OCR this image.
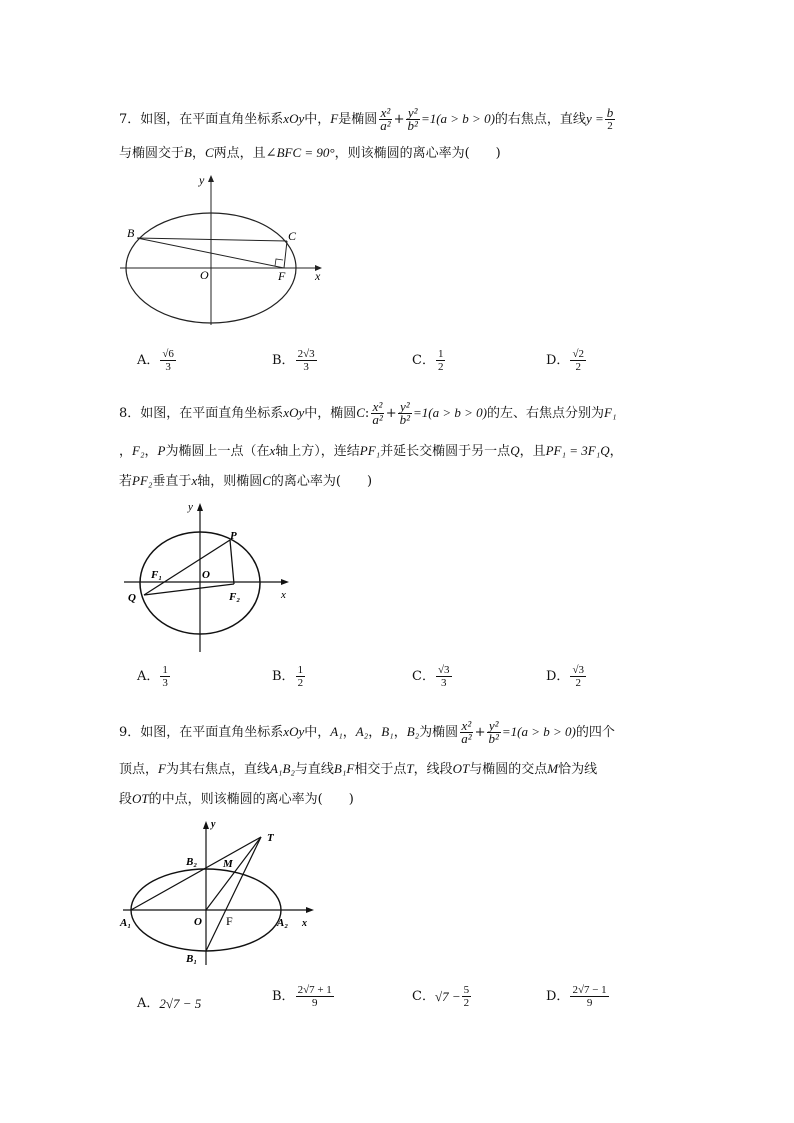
7．如图，在平面直角坐标系xOy中，F是椭圆 $\frac{\text{x²}}{\text{a²}} + \frac{\text{y²}}{\text{b²}} =1(a > b > 0)$的右焦点，直线$y = \frac{b}{2}$
与椭圆交于B，C两点，且∠BFC = 90°，则该椭圆的离心率为(　　)
B	C
O	F x
y
A． $\frac{√6}{3}$	B． $\frac{2√3}{3}$	C． $\frac{1}{2}$	D． $\frac{√2}{2}$
8．如图，在平面直角坐标系xOy中，椭圆C: $\frac{\text{x²}}{\text{a²}} + \frac{\text{y²}}{\text{b²}} =1(a > b > 0)$的左、右焦点分别为F₁
，F₂，P为椭圆上一点（在x轴上方），连结PF₁并延长交椭圆于另一点Q，且PF₁ = 3F₁Q，
若PF₂垂直于x轴，则椭圆C的离心率为(　　)
y
P
F₁	O
Q	F₂	x
A． $\frac{1}{3}$	B． $\frac{1}{2}$	C． $\frac{√3}{3}$	D． $\frac{√3}{2}$
9．如图，在平面直角坐标系xOy中，A₁，A₂，B₁，B₂为椭圆 $\frac{\text{x²}}{\text{a²}} + \frac{\text{y²}}{\text{b²}} =1(a > b > 0)$的四个
顶点，F为其右焦点，直线A₁B₂与直线B₁F相交于点T，线段OT与椭圆的交点M恰为线
段OT的中点，则该椭圆的离心率为(　　)
y
T
B₂ M
A₁	O F	A₂ x
B₁
A．2√7 − 5	B． $\frac{2√7 + 1}{9}$	C．$√7 - \frac{5}{2}$	D． $\frac{2√7 - 1}{9}$
